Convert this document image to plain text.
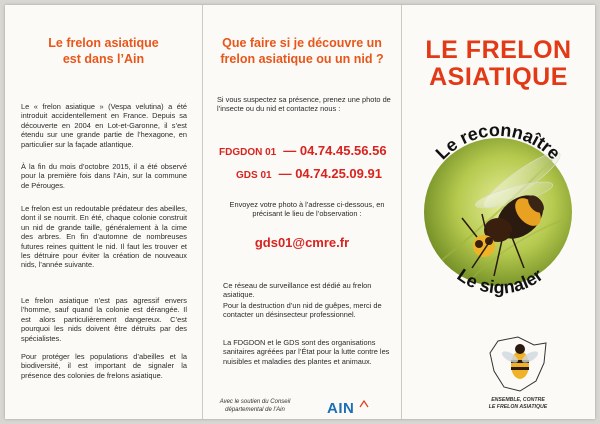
Le frelon asiatique
est dans l’Ain
Le « frelon asiatique » (Vespa velutina) a été introduit accidentellement en France. Depuis sa découverte en 2004 en Lot-et-Garonne, il s’est étendu sur une grande partie de l’hexagone, en particulier sur la façade atlantique.
À la fin du mois d’octobre 2015, il a été observé pour la première fois dans l’Ain, sur la commune de Pérouges.
Le frelon est un redoutable prédateur des abeilles, dont il se nourrit. En été, chaque colonie construit un nid de grande taille, généralement à la cime des arbres. En fin d’automne de nombreuses futures reines quittent le nid. Il faut les trouver et les détruire pour éviter la création de nouveaux nids, l’année suivante.
Le frelon asiatique n’est pas agressif envers l’homme, sauf quand la colonie est dérangée. Il est alors particulièrement dangereux. C’est pourquoi les nids doivent être détruits par des spécialistes.
Pour protéger les populations d’abeilles et la biodiversité, il est important de signaler la présence des colonies de frelons asiatique.
Que faire si je découvre un
frelon asiatique ou un nid ?
Si vous suspectez sa présence, prenez une photo de l’insecte ou du nid et contactez nous :
FDGDON 01 — 04.74.45.56.56
GDS 01 — 04.74.25.09.91
Envoyez votre photo à l’adresse ci-dessous, en précisant le lieu de l’observation :
gds01@cmre.fr
Ce réseau de surveillance est dédié au frelon asiatique.
Pour la destruction d’un nid de guêpes, merci de contacter un désinsecteur professionnel.
La FDGDON et le GDS sont des organisations sanitaires agréées par l’État pour la lutte contre les nuisibles et maladies des plantes et animaux.
Avec le soutien du Conseil
départemental de l’Ain	AIN
LE FRELON
ASIATIQUE
Le reconnaître
Le signaler
ENSEMBLE, CONTRE
LE FRELON ASIATIQUE
